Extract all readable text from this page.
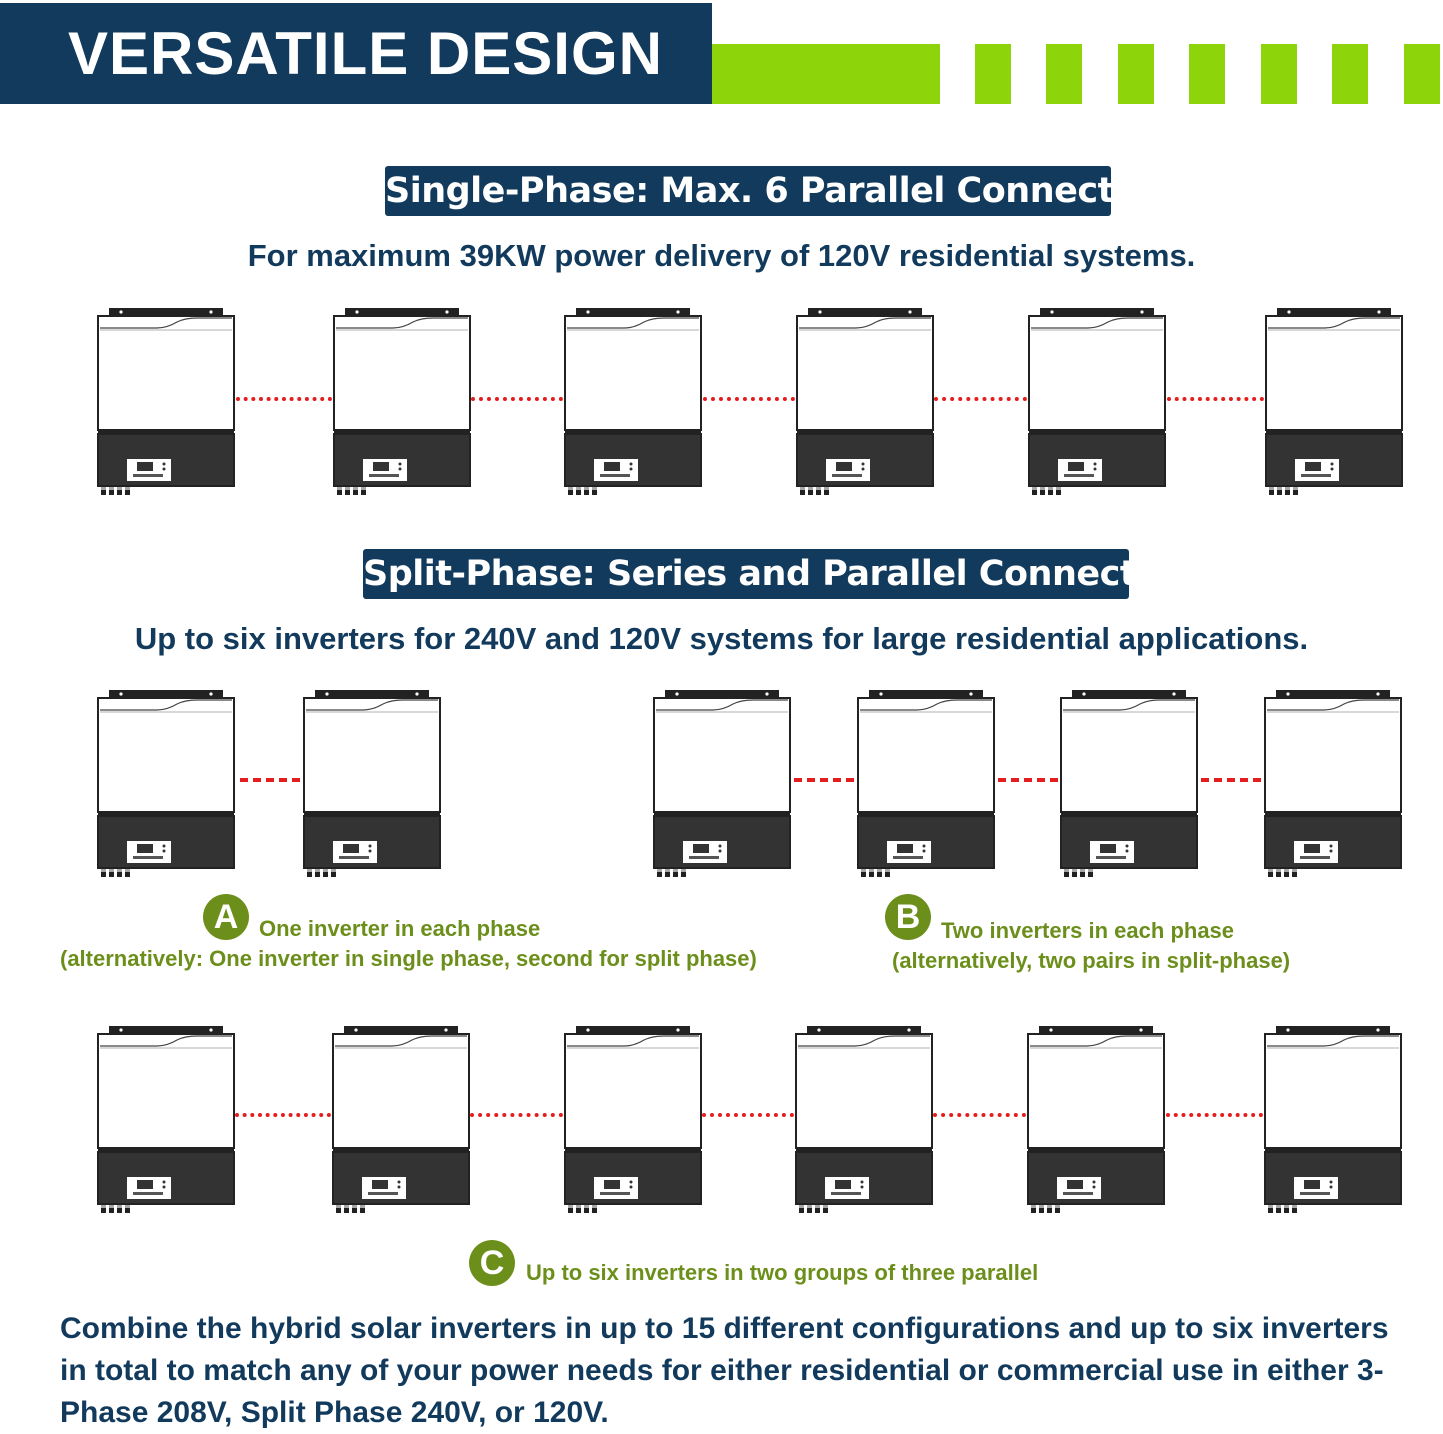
VERSATILE DESIGN
Single-Phase: Max. 6 Parallel Connection
For maximum 39KW power delivery of 120V residential systems.
Split-Phase: Series and Parallel Connection
Up to six inverters for 240V and 120V systems for large residential applications.
A One inverter in each phase
(alternatively: One inverter in single phase, second for split phase)
B Two inverters in each phase
(alternatively, two pairs in split-phase)
C Up to six inverters in two groups of three parallel
Combine the hybrid solar inverters in up to 15 different configurations and up to six inverters in total to match any of your power needs for either residential or commercial use in either 3-Phase 208V, Split Phase 240V, or 120V.
